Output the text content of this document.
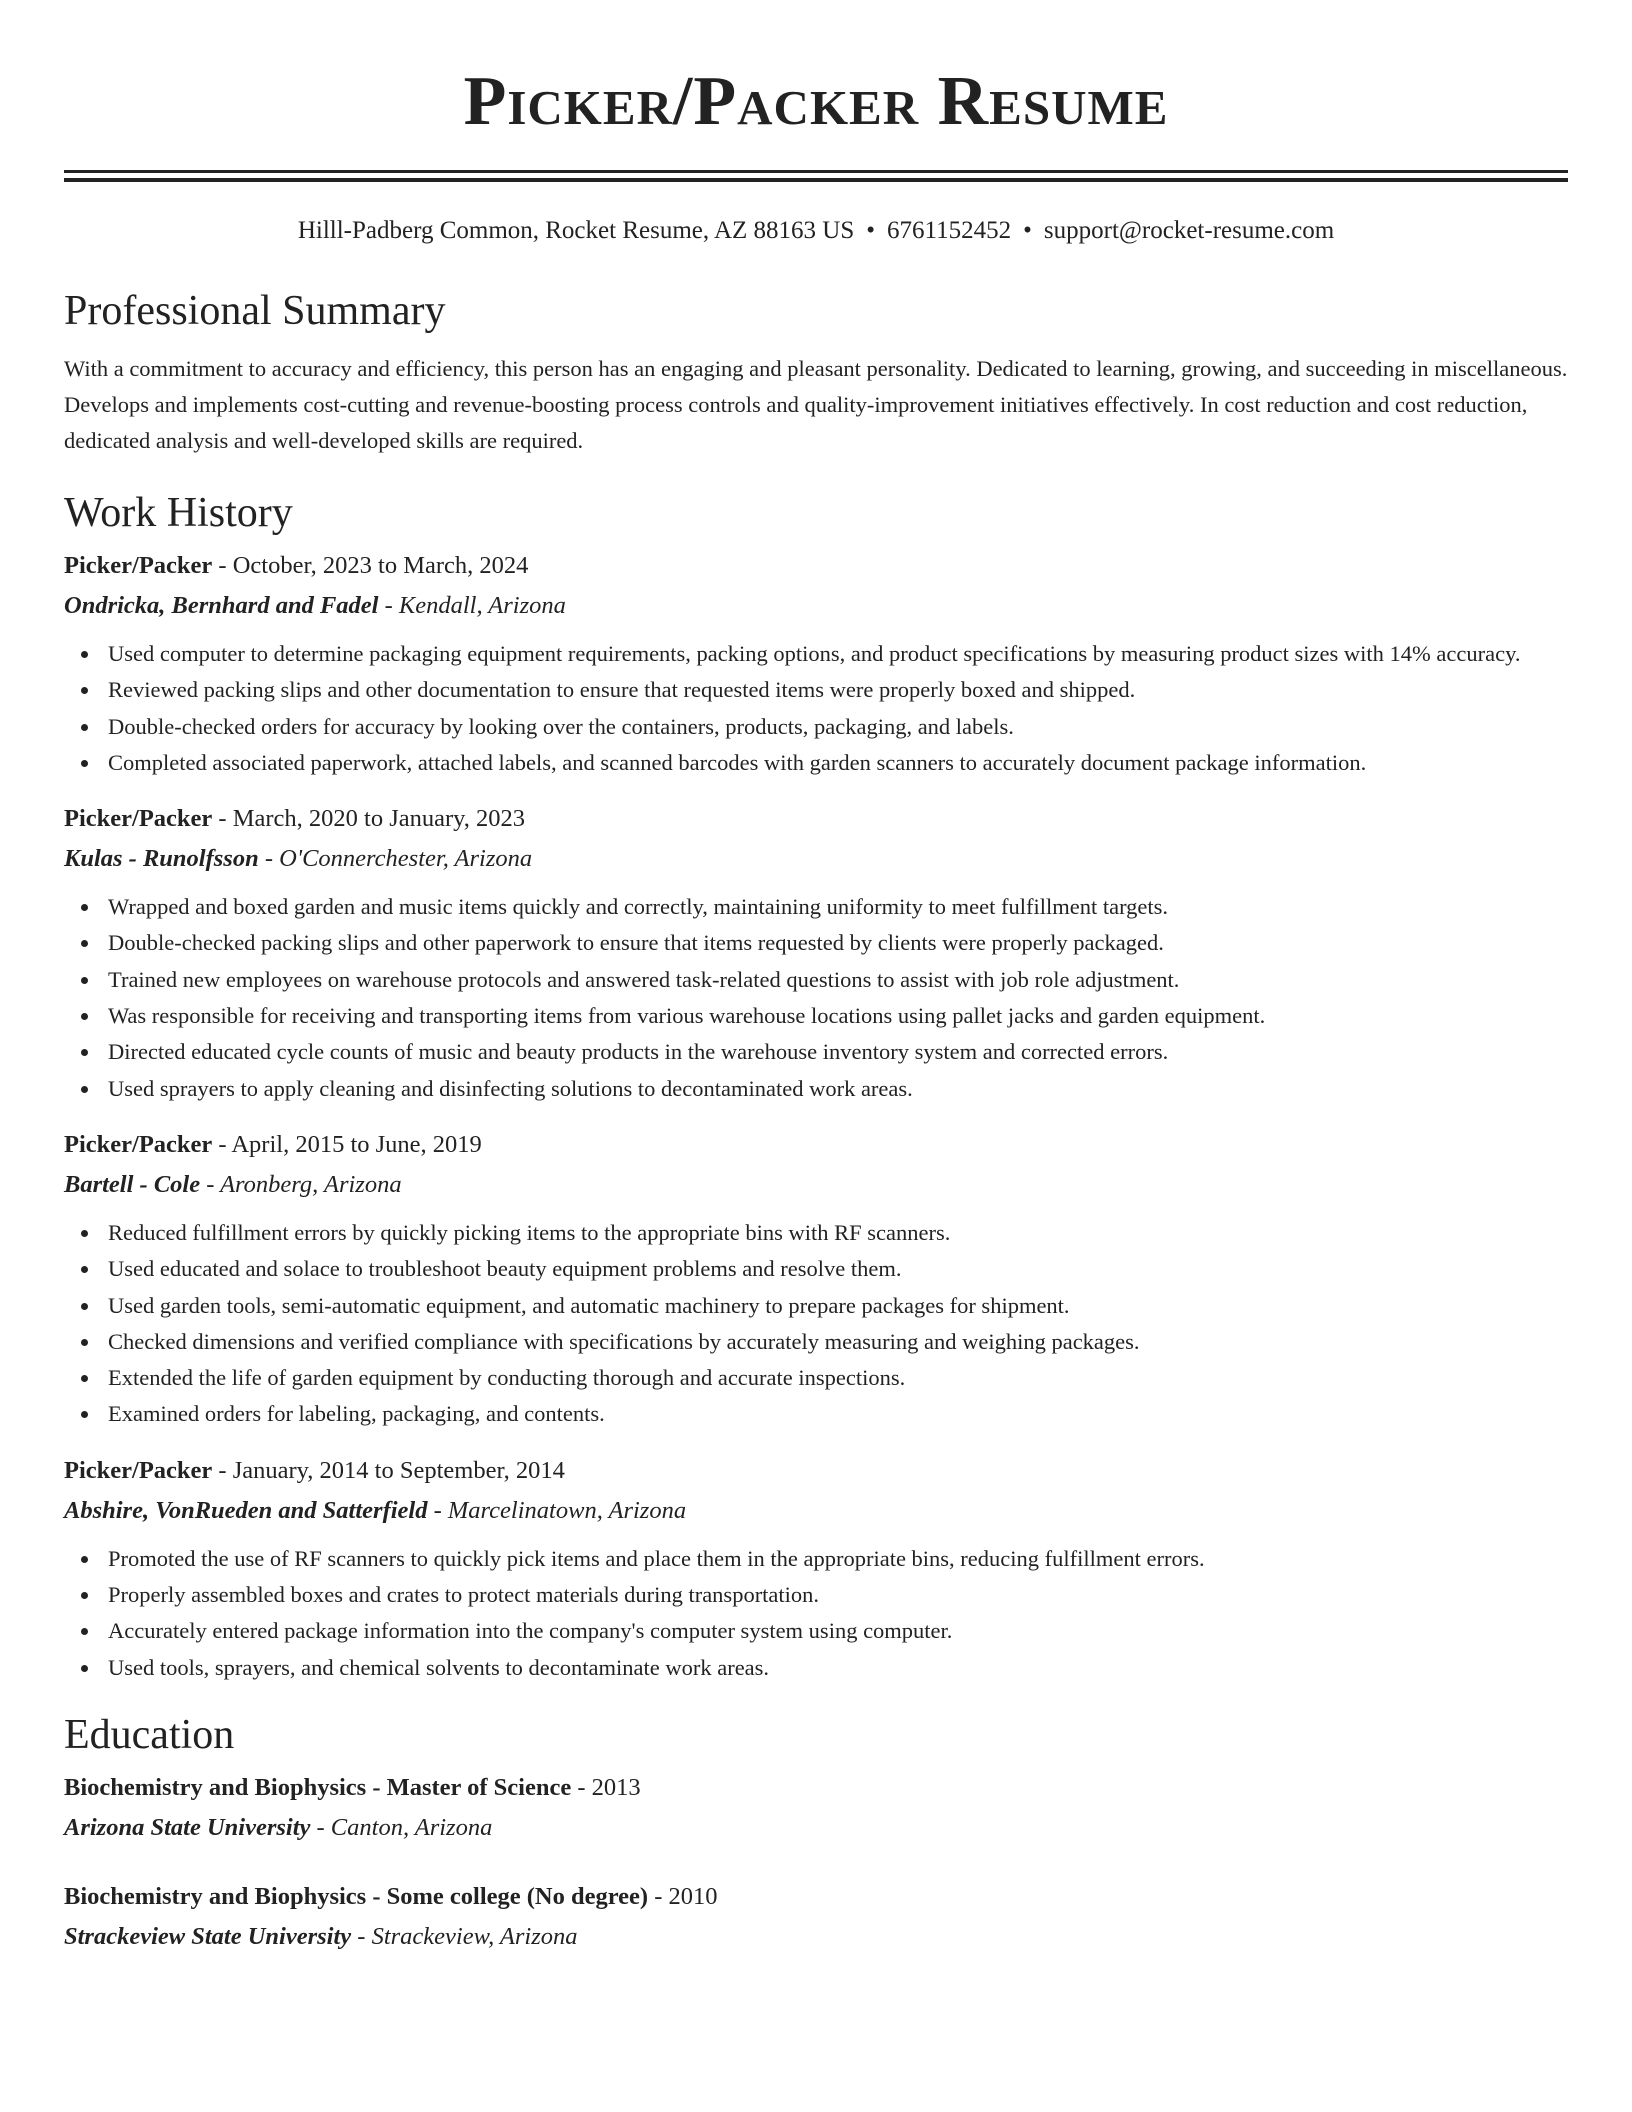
Picker/Packer Resume
Hilll-Padberg Common, Rocket Resume, AZ 88163 US • 6761152452 • support@rocket-resume.com
Professional Summary
With a commitment to accuracy and efficiency, this person has an engaging and pleasant personality. Dedicated to learning, growing, and succeeding in miscellaneous. Develops and implements cost-cutting and revenue-boosting process controls and quality-improvement initiatives effectively. In cost reduction and cost reduction, dedicated analysis and well-developed skills are required.
Work History
Picker/Packer - October, 2023 to March, 2024
Ondricka, Bernhard and Fadel - Kendall, Arizona
Used computer to determine packaging equipment requirements, packing options, and product specifications by measuring product sizes with 14% accuracy.
Reviewed packing slips and other documentation to ensure that requested items were properly boxed and shipped.
Double-checked orders for accuracy by looking over the containers, products, packaging, and labels.
Completed associated paperwork, attached labels, and scanned barcodes with garden scanners to accurately document package information.
Picker/Packer - March, 2020 to January, 2023
Kulas - Runolfsson - O'Connerchester, Arizona
Wrapped and boxed garden and music items quickly and correctly, maintaining uniformity to meet fulfillment targets.
Double-checked packing slips and other paperwork to ensure that items requested by clients were properly packaged.
Trained new employees on warehouse protocols and answered task-related questions to assist with job role adjustment.
Was responsible for receiving and transporting items from various warehouse locations using pallet jacks and garden equipment.
Directed educated cycle counts of music and beauty products in the warehouse inventory system and corrected errors.
Used sprayers to apply cleaning and disinfecting solutions to decontaminated work areas.
Picker/Packer - April, 2015 to June, 2019
Bartell - Cole - Aronberg, Arizona
Reduced fulfillment errors by quickly picking items to the appropriate bins with RF scanners.
Used educated and solace to troubleshoot beauty equipment problems and resolve them.
Used garden tools, semi-automatic equipment, and automatic machinery to prepare packages for shipment.
Checked dimensions and verified compliance with specifications by accurately measuring and weighing packages.
Extended the life of garden equipment by conducting thorough and accurate inspections.
Examined orders for labeling, packaging, and contents.
Picker/Packer - January, 2014 to September, 2014
Abshire, VonRueden and Satterfield - Marcelinatown, Arizona
Promoted the use of RF scanners to quickly pick items and place them in the appropriate bins, reducing fulfillment errors.
Properly assembled boxes and crates to protect materials during transportation.
Accurately entered package information into the company's computer system using computer.
Used tools, sprayers, and chemical solvents to decontaminate work areas.
Education
Biochemistry and Biophysics - Master of Science - 2013
Arizona State University - Canton, Arizona
Biochemistry and Biophysics - Some college (No degree) - 2010
Strackeview State University - Strackeview, Arizona
